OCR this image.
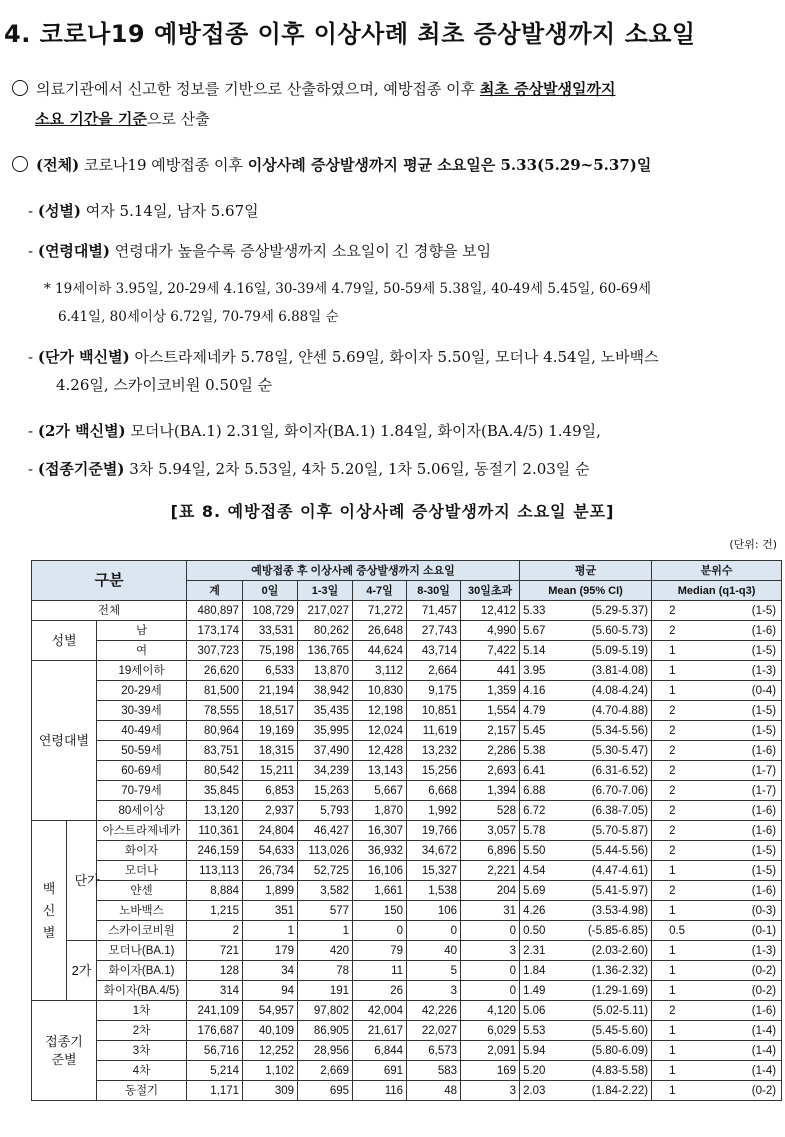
4. 코로나19 예방접종 이후 이상사례 최초 증상발생까지 소요일
의료기관에서 신고한 정보를 기반으로 산출하였으며, 예방접종 이후 최초 증상발생일까지
소요 기간을 기준으로 산출
(전체) 코로나19 예방접종 이후 이상사례 증상발생까지 평균 소요일은 5.33(5.29~5.37)일
- (성별) 여자 5.14일, 남자 5.67일
- (연령대별) 연령대가 높을수록 증상발생까지 소요일이 긴 경향을 보임
* 19세이하 3.95일, 20-29세 4.16일, 30-39세 4.79일, 50-59세 5.38일, 40-49세 5.45일, 60-69세
6.41일, 80세이상 6.72일, 70-79세 6.88일 순
- (단가 백신별) 아스트라제네카 5.78일, 얀센 5.69일, 화이자 5.50일, 모더나 4.54일, 노바백스
4.26일, 스카이코비원 0.50일 순
- (2가 백신별) 모더나(BA.1) 2.31일, 화이자(BA.1) 1.84일, 화이자(BA.4/5) 1.49일,
- (접종기준별) 3차 5.94일, 2차 5.53일, 4차 5.20일, 1차 5.06일, 동절기 2.03일 순
[표 8. 예방접종 이후 이상사례 증상발생까지 소요일 분포]
(단위: 건)
구분			예방접종 후 이상사례 증상발생까지 소요일						평균	분위수
			계	0일	1-3일	4-7일	8-30일	30일초과	Mean (95% CI)	Median (q1-q3)
전체			480,897	108,729	217,027	71,272	71,457	12,412	5.33 (5.29-5.37)	2 (1-5)

성별		남	173,174	33,531	80,262	26,648	27,743	4,990	5.67 (5.60-5.73)	2 (1-6)

		여	307,723	75,198	136,765	44,624	43,714	7,422	5.14 (5.09-5.19)	1 (1-5)

연령대별		19세이하	26,620	6,533	13,870	3,112	2,664	441	3.95 (3.81-4.08)	1 (1-3)

		20-29세	81,500	21,194	38,942	10,830	9,175	1,359	4.16 (4.08-4.24)	1 (0-4)

		30-39세	78,555	18,517	35,435	12,198	10,851	1,554	4.79 (4.70-4.88)	2 (1-5)

		40-49세	80,964	19,169	35,995	12,024	11,619	2,157	5.45 (5.34-5.56)	2 (1-5)

		50-59세	83,751	18,315	37,490	12,428	13,232	2,286	5.38 (5.30-5.47)	2 (1-6)

		60-69세	80,542	15,211	34,239	13,143	15,256	2,693	6.41 (6.31-6.52)	2 (1-7)

		70-79세	35,845	6,853	15,263	5,667	6,668	1,394	6.88 (6.70-7.06)	2 (1-7)

		80세이상	13,120	2,937	5,793	1,870	1,992	528	6.72 (6.38-7.05)	2 (1-6)

백신별	단가	아스트라제네카	110,361	24,804	46,427	16,307	19,766	3,057	5.78 (5.70-5.87)	2 (1-6)

		화이자	246,159	54,633	113,026	36,932	34,672	6,896	5.50 (5.44-5.56)	2 (1-5)

		모더나	113,113	26,734	52,725	16,106	15,327	2,221	4.54 (4.47-4.61)	1 (1-5)

		얀센	8,884	1,899	3,582	1,661	1,538	204	5.69 (5.41-5.97)	2 (1-6)

		노바백스	1,215	351	577	150	106	31	4.26 (3.53-4.98)	1 (0-3)

		스카이코비원	2	1	1	0	0	0	0.50 (-5.85-6.85)	0.5 (0-1)

	2가	모더나(BA.1)	721	179	420	79	40	3	2.31 (2.03-2.60)	1 (1-3)

		화이자(BA.1)	128	34	78	11	5	0	1.84 (1.36-2.32)	1 (0-2)

		화이자(BA.4/5)	314	94	191	26	3	0	1.49 (1.29-1.69)	1 (0-2)

접종기준별		1차	241,109	54,957	97,802	42,004	42,226	4,120	5.06 (5.02-5.11)	2 (1-6)

		2차	176,687	40,109	86,905	21,617	22,027	6,029	5.53 (5.45-5.60)	1 (1-4)

		3차	56,716	12,252	28,956	6,844	6,573	2,091	5.94 (5.80-6.09)	1 (1-4)

		4차	5,214	1,102	2,669	691	583	169	5.20 (4.83-5.58)	1 (1-4)

		동절기	1,171	309	695	116	48	3	2.03 (1.84-2.22)	1 (0-2)
